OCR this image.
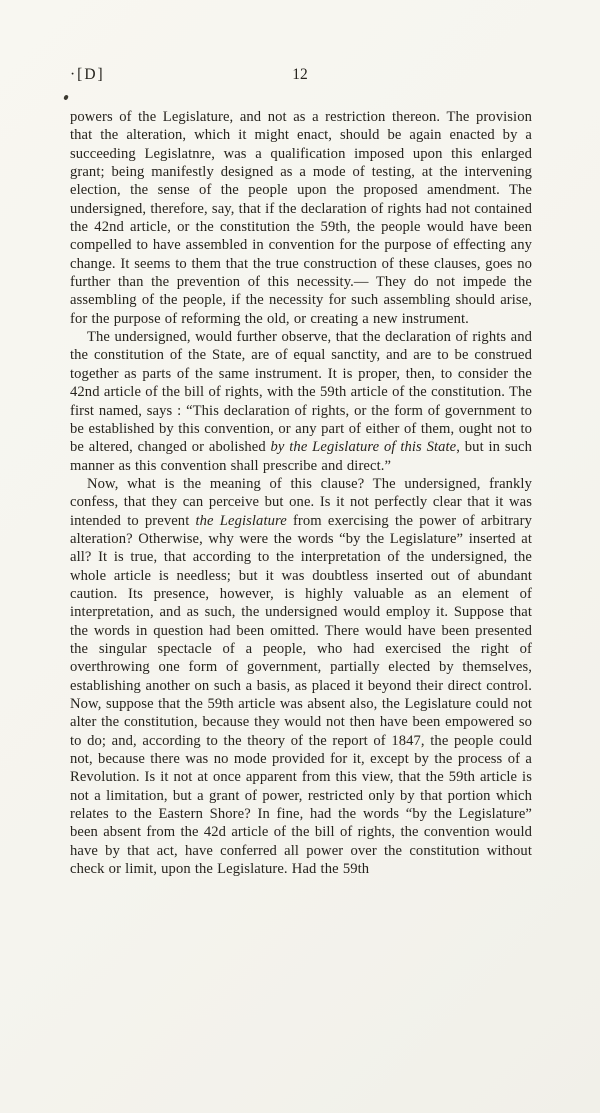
·[D]	12

powers of the Legislature, and not as a restriction thereon. The provision that the alteration, which it might enact, should be again enacted by a succeeding Legislatnre, was a qualification imposed upon this enlarged grant; being manifestly designed as a mode of testing, at the intervening election, the sense of the people upon the proposed amendment. The undersigned, therefore, say, that if the declaration of rights had not contained the 42nd article, or the constitution the 59th, the people would have been compelled to have assembled in convention for the purpose of effecting any change. It seems to them that the true construction of these clauses, goes no further than the prevention of this necessity.— They do not impede the assembling of the people, if the necessity for such assembling should arise, for the purpose of reforming the old, or creating a new instrument.

The undersigned, would further observe, that the declaration of rights and the constitution of the State, are of equal sanctity, and are to be construed together as parts of the same instrument. It is proper, then, to consider the 42nd article of the bill of rights, with the 59th article of the constitution. The first named, says : “This declaration of rights, or the form of government to be established by this convention, or any part of either of them, ought not to be altered, changed or abolished by the Legislature of this State, but in such manner as this convention shall prescribe and direct.”

Now, what is the meaning of this clause? The undersigned, frankly confess, that they can perceive but one. Is it not perfectly clear that it was intended to prevent the Legislature from exercising the power of arbitrary alteration? Otherwise, why were the words “by the Legislature” inserted at all? It is true, that according to the interpretation of the undersigned, the whole article is needless; but it was doubtless inserted out of abundant caution. Its presence, however, is highly valuable as an element of interpretation, and as such, the undersigned would employ it. Suppose that the words in question had been omitted. There would have been presented the singular spectacle of a people, who had exercised the right of overthrowing one form of government, partially elected by themselves, establishing another on such a basis, as placed it beyond their direct control. Now, suppose that the 59th article was absent also, the Legislature could not alter the constitution, because they would not then have been empowered so to do; and, according to the theory of the report of 1847, the people could not, because there was no mode provided for it, except by the process of a Revolution. Is it not at once apparent from this view, that the 59th article is not a limitation, but a grant of power, restricted only by that portion which relates to the Eastern Shore? In fine, had the words “by the Legislature” been absent from the 42d article of the bill of rights, the convention would have by that act, have conferred all power over the constitution without check or limit, upon the Legislature. Had the 59th
